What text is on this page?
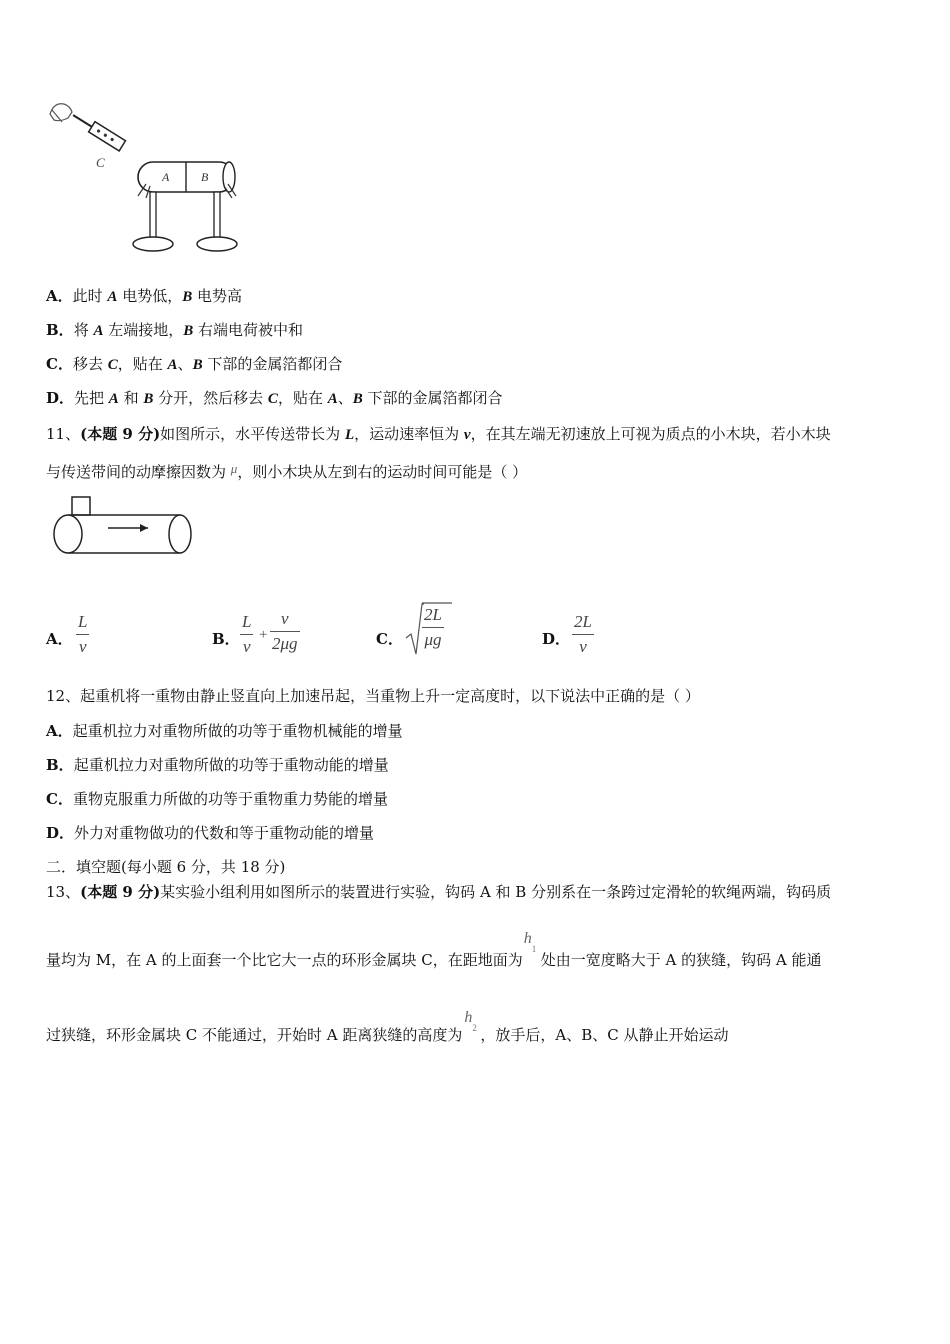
C
A	B
A．此时 A 电势低，B 电势高
B．将 A 左端接地，B 右端电荷被中和
C．移去 C，贴在 A、B 下部的金属箔都闭合
D．先把 A 和 B 分开，然后移去 C，贴在 A、B 下部的金属箔都闭合
11、(本题 9 分)如图所示，水平传送带长为 L，运动速率恒为 v，在其左端无初速放上可视为质点的小木块，若小木块
与传送带间的动摩擦因数为 μ，则小木块从左到右的运动时间可能是（ ）
A．
L
v	B．
L
v
+
v
2μg	C．
2L
μg	D．
2L
v
12、起重机将一重物由静止竖直向上加速吊起，当重物上升一定高度时，以下说法中正确的是（ ）
A．起重机拉力对重物所做的功等于重物机械能的增量
B．起重机拉力对重物所做的功等于重物动能的增量
C．重物克服重力所做的功等于重物重力势能的增量
D．外力对重物做功的代数和等于重物动能的增量
二．填空题(每小题 6 分，共 18 分)
13、(本题 9 分)某实验小组利用如图所示的装置进行实验，钩码 A 和 B 分别系在一条跨过定滑轮的软绳两端，钩码质
量均为 M，在 A 的上面套一个比它大一点的环形金属块 C，在距地面为
h
1
处由一宽度略大于 A 的狭缝，钩码 A 能通
过狭缝，环形金属块 C 不能通过，开始时 A 距离狭缝的高度为
h
2 ，放手后，A、B、C 从静止开始运动
